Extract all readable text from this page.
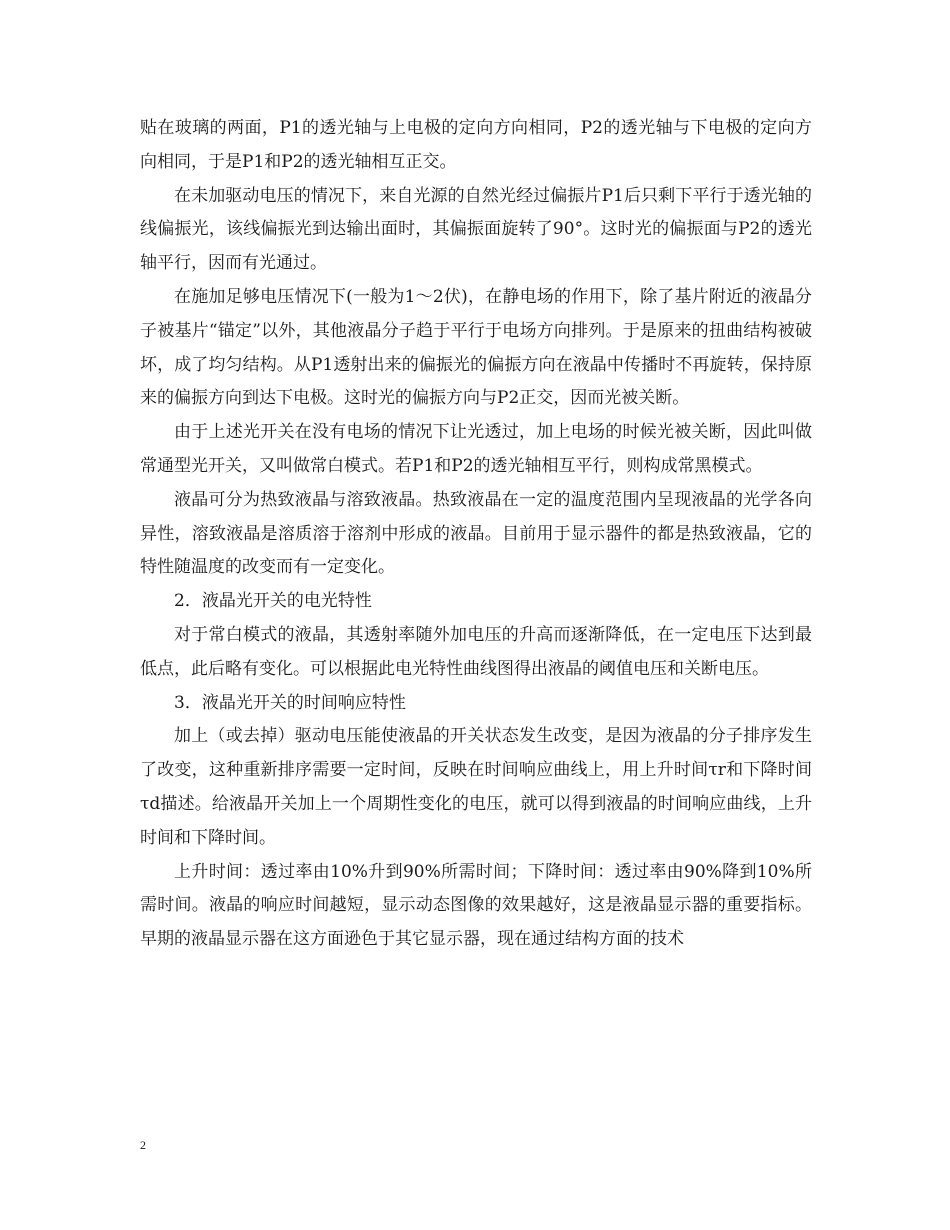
贴在玻璃的两面，P1的透光轴与上电极的定向方向相同，P2的透光轴与下电极的定向方向相同，于是P1和P2的透光轴相互正交。

在未加驱动电压的情况下，来自光源的自然光经过偏振片P1后只剩下平行于透光轴的线偏振光，该线偏振光到达输出面时，其偏振面旋转了90°。这时光的偏振面与P2的透光轴平行，因而有光通过。

在施加足够电压情况下(一般为1～2伏)，在静电场的作用下，除了基片附近的液晶分子被基片“锚定”以外，其他液晶分子趋于平行于电场方向排列。于是原来的扭曲结构被破坏，成了均匀结构。从P1透射出来的偏振光的偏振方向在液晶中传播时不再旋转，保持原来的偏振方向到达下电极。这时光的偏振方向与P2正交，因而光被关断。

由于上述光开关在没有电场的情况下让光透过，加上电场的时候光被关断，因此叫做常通型光开关，又叫做常白模式。若P1和P2的透光轴相互平行，则构成常黑模式。

液晶可分为热致液晶与溶致液晶。热致液晶在一定的温度范围内呈现液晶的光学各向异性，溶致液晶是溶质溶于溶剂中形成的液晶。目前用于显示器件的都是热致液晶，它的特性随温度的改变而有一定变化。

2．液晶光开关的电光特性

对于常白模式的液晶，其透射率随外加电压的升高而逐渐降低，在一定电压下达到最低点，此后略有变化。可以根据此电光特性曲线图得出液晶的阈值电压和关断电压。

3．液晶光开关的时间响应特性

加上（或去掉）驱动电压能使液晶的开关状态发生改变，是因为液晶的分子排序发生了改变，这种重新排序需要一定时间，反映在时间响应曲线上，用上升时间τr和下降时间τd描述。给液晶开关加上一个周期性变化的电压，就可以得到液晶的时间响应曲线，上升时间和下降时间。

上升时间：透过率由10%升到90%所需时间；下降时间：透过率由90%降到10%所需时间。液晶的响应时间越短，显示动态图像的效果越好，这是液晶显示器的重要指标。早期的液晶显示器在这方面逊色于其它显示器，现在通过结构方面的技术

2
